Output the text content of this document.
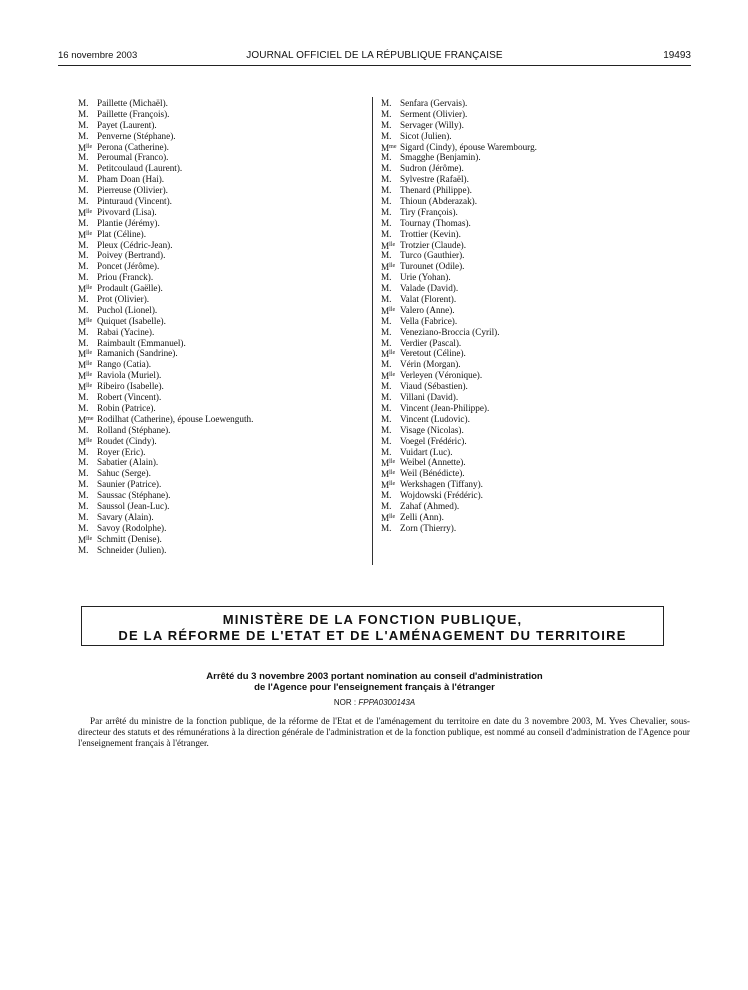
16 novembre 2003	JOURNAL OFFICIEL DE LA RÉPUBLIQUE FRANÇAISE	19493
M. Paillette (Michaël).
M. Paillette (François).
M. Payet (Laurent).
M. Penverne (Stéphane).
$M^{lle}$ Perona (Catherine).
M. Peroumal (Franco).
M. Petitcoulaud (Laurent).
M. Pham Doan (Hai).
M. Pierreuse (Olivier).
M. Pinturaud (Vincent).
$M^{lle}$ Pivovard (Lisa).
M. Plantie (Jérémy).
$M^{lle}$ Plat (Céline).
M. Pleux (Cédric-Jean).
M. Poivey (Bertrand).
M. Poncet (Jérôme).
M. Priou (Franck).
$M^{lle}$ Prodault (Gaëlle).
M. Prot (Olivier).
M. Puchol (Lionel).
$M^{lle}$ Quiquet (Isabelle).
M. Rabai (Yacine).
M. Raimbault (Emmanuel).
$M^{lle}$ Ramanich (Sandrine).
$M^{lle}$ Rango (Catia).
$M^{lle}$ Raviola (Muriel).
$M^{lle}$ Ribeiro (Isabelle).
M. Robert (Vincent).
M. Robin (Patrice).
$M^{me}$ Rodilhat (Catherine), épouse Loewenguth.
M. Rolland (Stéphane).
$M^{lle}$ Roudet (Cindy).
M. Royer (Eric).
M. Sabatier (Alain).
M. Sahuc (Serge).
M. Saunier (Patrice).
M. Saussac (Stéphane).
M. Saussol (Jean-Luc).
M. Savary (Alain).
M. Savoy (Rodolphe).
$M^{lle}$ Schmitt (Denise).
M. Schneider (Julien).
M. Senfara (Gervais).
M. Serment (Olivier).
M. Servager (Willy).
M. Sicot (Julien).
$M^{me}$ Sigard (Cindy), épouse Warembourg.
M. Smagghe (Benjamin).
M. Sudron (Jérôme).
M. Sylvestre (Rafaël).
M. Thenard (Philippe).
M. Thioun (Abderazak).
M. Tiry (François).
M. Tournay (Thomas).
M. Trottier (Kevin).
$M^{lle}$ Trotzier (Claude).
M. Turco (Gauthier).
$M^{lle}$ Turounet (Odile).
M. Urie (Yohan).
M. Valade (David).
M. Valat (Florent).
$M^{lle}$ Valero (Anne).
M. Vella (Fabrice).
M. Veneziano-Broccia (Cyril).
M. Verdier (Pascal).
$M^{lle}$ Veretout (Céline).
M. Vérin (Morgan).
$M^{lle}$ Verleyen (Véronique).
M. Viaud (Sébastien).
M. Villani (David).
M. Vincent (Jean-Philippe).
M. Vincent (Ludovic).
M. Visage (Nicolas).
M. Voegel (Frédéric).
M. Vuidart (Luc).
$M^{lle}$ Weibel (Annette).
$M^{lle}$ Weil (Bénédicte).
$M^{lle}$ Werkshagen (Tiffany).
M. Wojdowski (Frédéric).
M. Zahaf (Ahmed).
$M^{lle}$ Zelli (Ann).
M. Zorn (Thierry).
MINISTÈRE DE LA FONCTION PUBLIQUE,
DE LA RÉFORME DE L'ETAT ET DE L'AMÉNAGEMENT DU TERRITOIRE
Arrêté du 3 novembre 2003 portant nomination au conseil d'administration
de l'Agence pour l'enseignement français à l'étranger
NOR : FPPA0300143A
Par arrêté du ministre de la fonction publique, de la réforme de l'Etat et de l'aménagement du territoire en date du 3 novembre 2003, M. Yves Chevalier, sous-directeur des statuts et des rémunérations à la direction générale de l'administration et de la fonction publique, est nommé au conseil d'administration de l'Agence pour l'enseignement français à l'étranger.
